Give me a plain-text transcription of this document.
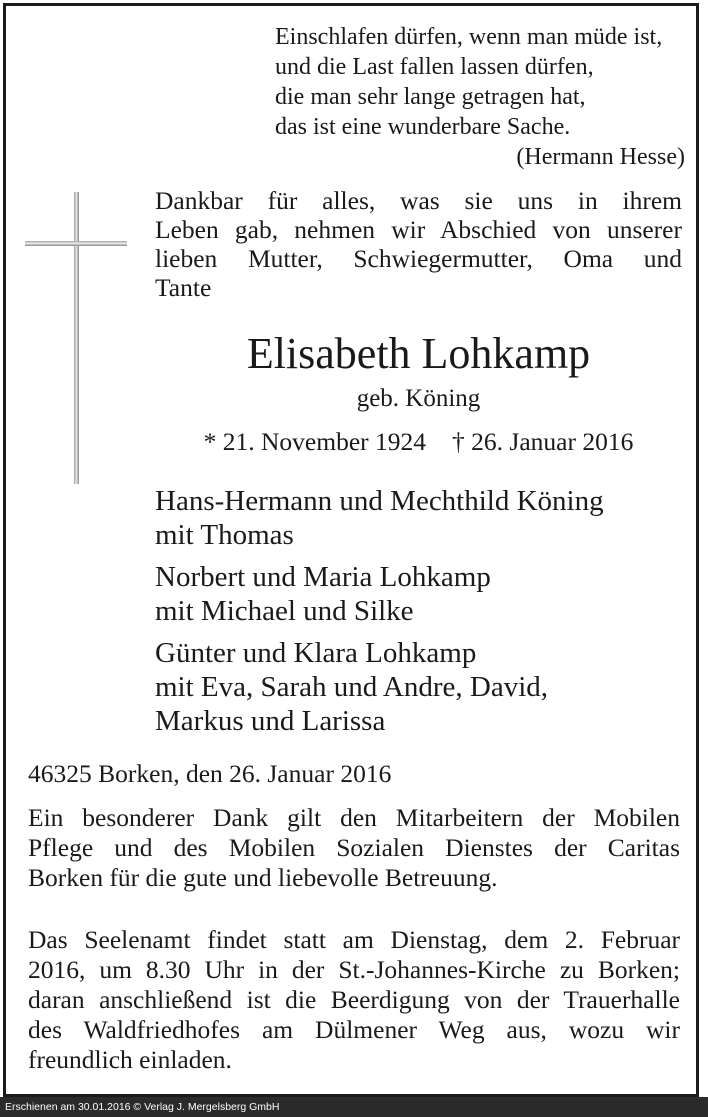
Einschlafen dürfen, wenn man müde ist,
und die Last fallen lassen dürfen,
die man sehr lange getragen hat,
das ist eine wunderbare Sache.
(Hermann Hesse)
Dankbar für alles, was sie uns in ihrem
Leben gab, nehmen wir Abschied von unserer
lieben Mutter, Schwiegermutter, Oma und
Tante
Elisabeth Lohkamp
geb. Köning
* 21. November 1924 † 26. Januar 2016
Hans-Hermann und Mechthild Köning
mit Thomas
Norbert und Maria Lohkamp
mit Michael und Silke
Günter und Klara Lohkamp
mit Eva, Sarah und Andre, David,
Markus und Larissa
46325 Borken, den 26. Januar 2016
Ein besonderer Dank gilt den Mitarbeitern der Mobilen
Pflege und des Mobilen Sozialen Dienstes der Caritas
Borken für die gute und liebevolle Betreuung.
Das Seelenamt findet statt am Dienstag, dem 2. Februar
2016, um 8.30 Uhr in der St.-Johannes-Kirche zu Borken;
daran anschließend ist die Beerdigung von der Trauerhalle
des Waldfriedhofes am Dülmener Weg aus, wozu wir
freundlich einladen.
Erschienen am 30.01.2016 © Verlag J. Mergelsberg GmbH
